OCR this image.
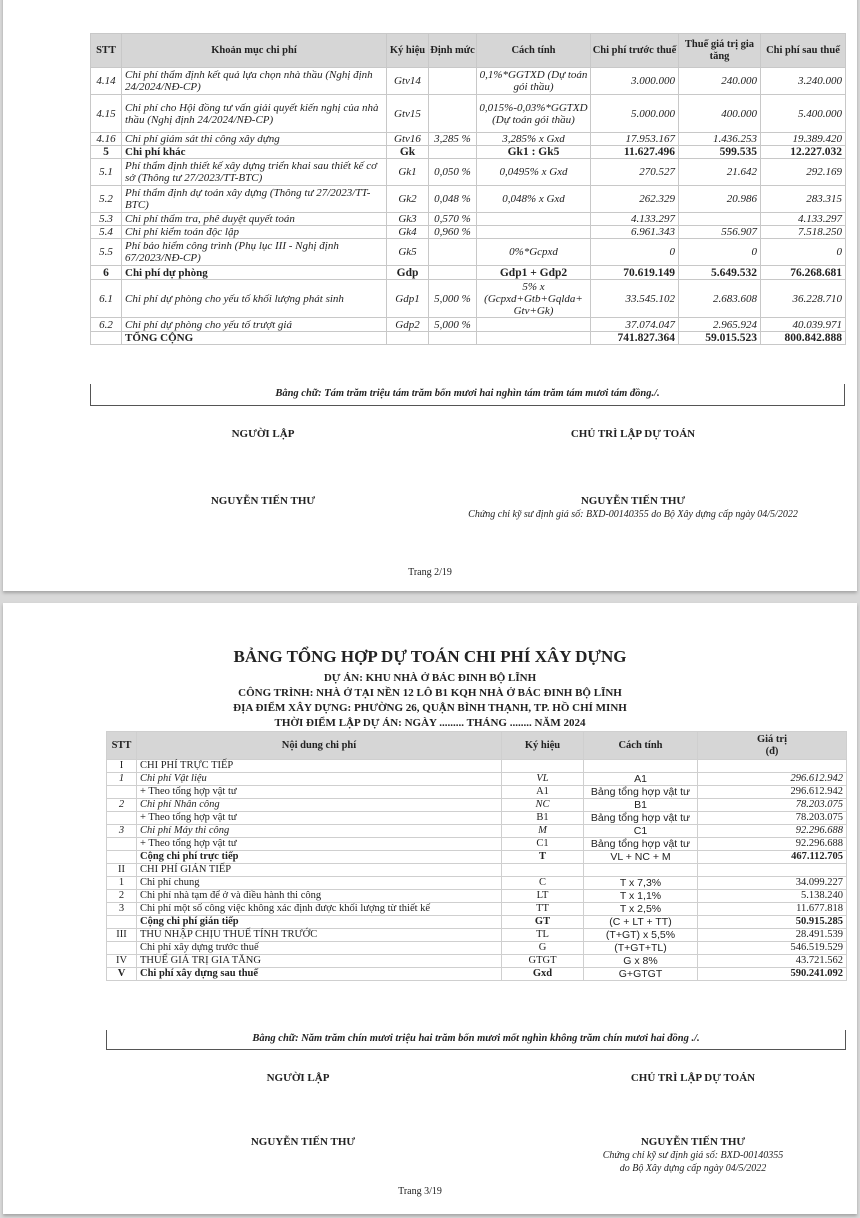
STT	Khoản mục chi phí	Ký hiệu	Định mức	Cách tính	Chi phí trước thuế	Thuế giá trị gia tăng	Chi phí sau thuế
4.14	Chi phí thẩm định kết quả lựa chọn nhà thầu (Nghị định 24/2024/NĐ-CP)	Gtv14		0,1%*GGTXD (Dự toán gói thầu)	3.000.000	240.000	3.240.000
4.15	Chi phí cho Hội đồng tư vấn giải quyết kiến nghị của nhà thầu (Nghị định 24/2024/NĐ-CP)	Gtv15		0,015%-0,03%*GGTXD (Dự toán gói thầu)	5.000.000	400.000	5.400.000
4.16	Chi phí giám sát thi công xây dựng	Gtv16	3,285 %	3,285% x Gxd	17.953.167	1.436.253	19.389.420
5	Chi phí khác	Gk		Gk1 : Gk5	11.627.496	599.535	12.227.032
5.1	Phí thẩm định thiết kế xây dựng triển khai sau thiết kế cơ sở (Thông tư 27/2023/TT-BTC)	Gk1	0,050 %	0,0495% x Gxd	270.527	21.642	292.169
5.2	Phí thẩm định dự toán xây dựng (Thông tư 27/2023/TT-BTC)	Gk2	0,048 %	0,048% x Gxd	262.329	20.986	283.315
5.3	Chi phí thẩm tra, phê duyệt quyết toán	Gk3	0,570 %		4.133.297		4.133.297
5.4	Chi phí kiểm toán độc lập	Gk4	0,960 %		6.961.343	556.907	7.518.250
5.5	Phí bảo hiểm công trình (Phụ lục III - Nghị định 67/2023/NĐ-CP)	Gk5		0%*Gcpxd	0	0	0
6	Chi phí dự phòng	Gdp		Gdp1 + Gdp2	70.619.149	5.649.532	76.268.681
6.1	Chi phí dự phòng cho yếu tố khối lượng phát sinh	Gdp1	5,000 %	5% x (Gcpxd+Gtb+Gqlda+ Gtv+Gk)	33.545.102	2.683.608	36.228.710
6.2	Chi phí dự phòng cho yếu tố trượt giá	Gdp2	5,000 %		37.074.047	2.965.924	40.039.971
	TỔNG CỘNG				741.827.364	59.015.523	800.842.888
Bằng chữ: Tám trăm triệu tám trăm bốn mươi hai nghìn tám trăm tám mươi tám đồng./.
NGƯỜI LẬP	CHỦ TRÌ LẬP DỰ TOÁN
NGUYỄN TIẾN THƯ	NGUYỄN TIẾN THƯ
Chứng chỉ kỹ sư định giá số: BXD-00140355 do Bộ Xây dựng cấp ngày 04/5/2022
Trang 2/19
BẢNG TỔNG HỢP DỰ TOÁN CHI PHÍ XÂY DỰNG
DỰ ÁN: KHU NHÀ Ở BÁC ĐINH BỘ LĨNH
CÔNG TRÌNH: NHÀ Ở TẠI NỀN 12 LÔ B1 KQH NHÀ Ở BÁC ĐINH BỘ LĨNH
ĐỊA ĐIỂM XÂY DỰNG: PHƯỜNG 26, QUẬN BÌNH THẠNH, TP. HỒ CHÍ MINH
THỜI ĐIỂM LẬP DỰ ÁN: NGÀY ......... THÁNG ........ NĂM 2024
STT	Nội dung chi phí	Ký hiệu	Cách tính	Giá trị
(đ)
I	CHI PHÍ TRỰC TIẾP			
1	Chi phí Vật liệu	VL	A1	296.612.942
	+ Theo tổng hợp vật tư	A1	Bảng tổng hợp vật tư	296.612.942
2	Chi phí Nhân công	NC	B1	78.203.075
	+ Theo tổng hợp vật tư	B1	Bảng tổng hợp vật tư	78.203.075
3	Chi phí Máy thi công	M	C1	92.296.688
	+ Theo tổng hợp vật tư	C1	Bảng tổng hợp vật tư	92.296.688
	Cộng chi phí trực tiếp	T	VL + NC + M	467.112.705
II	CHI PHÍ GIÁN TIẾP			
1	Chi phí chung	C	T x 7,3%	34.099.227
2	Chi phí nhà tạm để ở và điều hành thi công	LT	T x 1,1%	5.138.240
3	Chi phí một số công việc không xác định được khối lượng từ thiết kế	TT	T x 2,5%	11.677.818
	Cộng chi phí gián tiếp	GT	(C + LT + TT)	50.915.285
III	THU NHẬP CHỊU THUẾ TÍNH TRƯỚC	TL	(T+GT) x 5,5%	28.491.539
	Chi phí xây dựng trước thuế	G	(T+GT+TL)	546.519.529
IV	THUẾ GIÁ TRỊ GIA TĂNG	GTGT	G x 8%	43.721.562
V	Chi phí xây dựng sau thuế	Gxd	G+GTGT	590.241.092
Bằng chữ: Năm trăm chín mươi triệu hai trăm bốn mươi mốt nghìn không trăm chín mươi hai đồng ./.
NGƯỜI LẬP	CHỦ TRÌ LẬP DỰ TOÁN
NGUYỄN TIẾN THƯ	NGUYỄN TIẾN THƯ
Chứng chỉ kỹ sư định giá số: BXD-00140355
do Bộ Xây dựng cấp ngày 04/5/2022
Trang 3/19
